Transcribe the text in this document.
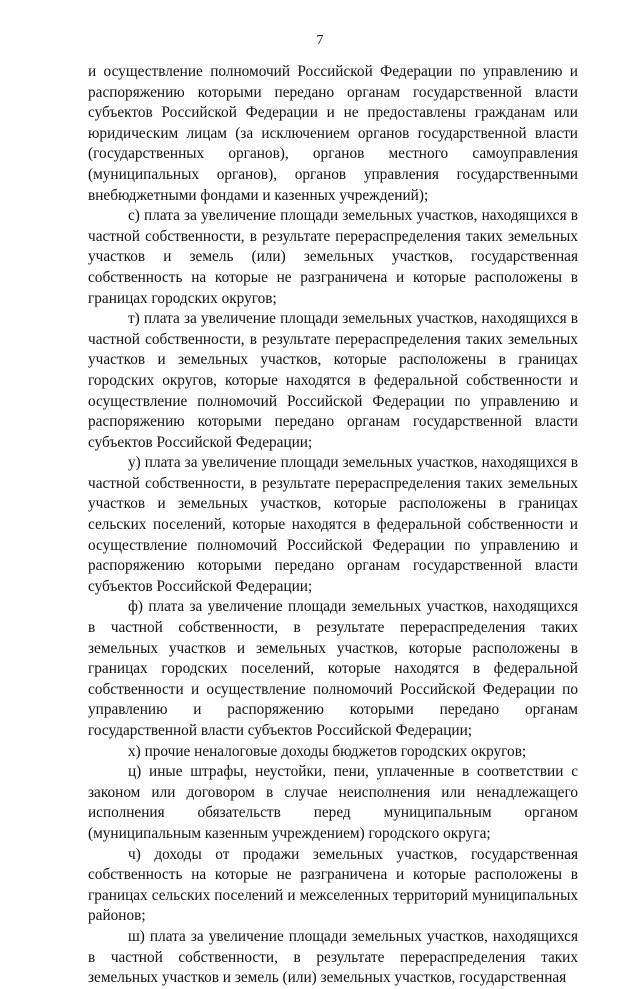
7

и осуществление полномочий Российской Федерации по управлению и распоряжению которыми передано органам государственной власти субъектов Российской Федерации и не предоставлены гражданам или юридическим лицам (за исключением органов государственной власти (государственных органов), органов местного самоуправления (муниципальных органов), органов управления государственными внебюджетными фондами и казенных учреждений);

с) плата за увеличение площади земельных участков, находящихся в частной собственности, в результате перераспределения таких земельных участков и земель (или) земельных участков, государственная собственность на которые не разграничена и которые расположены в границах городских округов;

т) плата за увеличение площади земельных участков, находящихся в частной собственности, в результате перераспределения таких земельных участков и земельных участков, которые расположены в границах городских округов, которые находятся в федеральной собственности и осуществление полномочий Российской Федерации по управлению и распоряжению которыми передано органам государственной власти субъектов Российской Федерации;

у) плата за увеличение площади земельных участков, находящихся в частной собственности, в результате перераспределения таких земельных участков и земельных участков, которые расположены в границах сельских поселений, которые находятся в федеральной собственности и осуществление полномочий Российской Федерации по управлению и распоряжению которыми передано органам государственной власти субъектов Российской Федерации;

ф) плата за увеличение площади земельных участков, находящихся в частной собственности, в результате перераспределения таких земельных участков и земельных участков, которые расположены в границах городских поселений, которые находятся в федеральной собственности и осуществление полномочий Российской Федерации по управлению и распоряжению которыми передано органам государственной власти субъектов Российской Федерации;

х) прочие неналоговые доходы бюджетов городских округов;

ц) иные штрафы, неустойки, пени, уплаченные в соответствии с законом или договором в случае неисполнения или ненадлежащего исполнения обязательств перед муниципальным органом (муниципальным казенным учреждением) городского округа;

ч) доходы от продажи земельных участков, государственная собственность на которые не разграничена и которые расположены в границах сельских поселений и межселенных территорий муниципальных районов;

ш) плата за увеличение площади земельных участков, находящихся в частной собственности, в результате перераспределения таких земельных участков и земель (или) земельных участков, государственная
